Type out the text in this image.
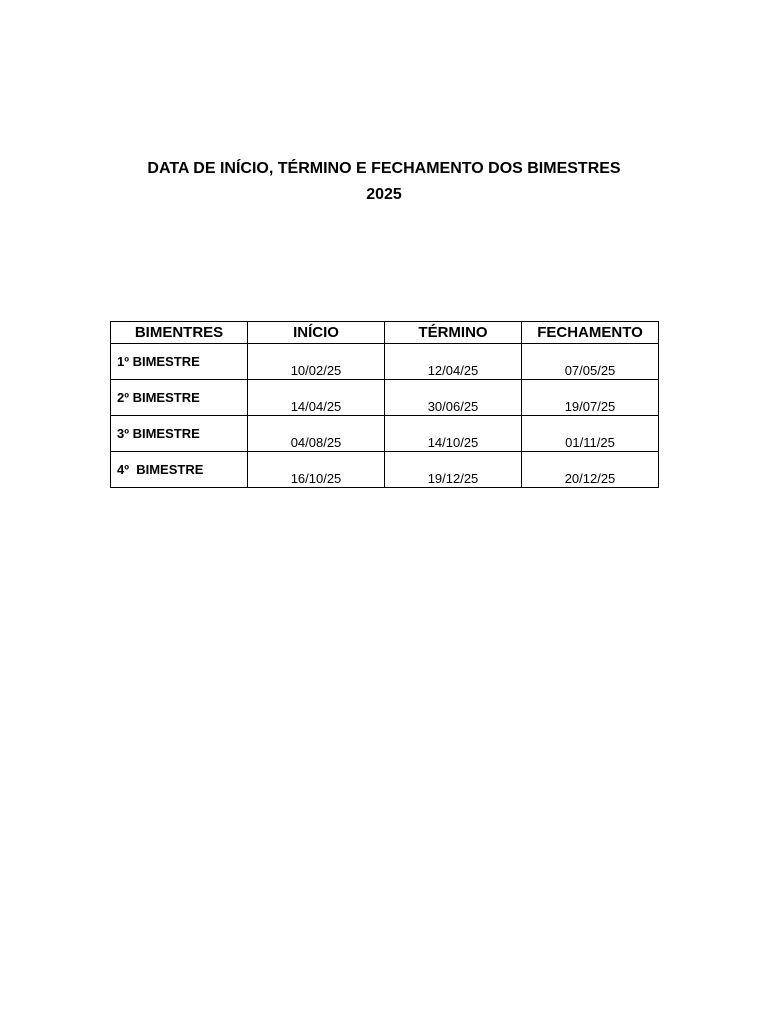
DATA DE INÍCIO, TÉRMINO E FECHAMENTO DOS BIMESTRES
2025
BIMENTRES	INÍCIO	TÉRMINO	FECHAMENTO
1º BIMESTRE	10/02/25	12/04/25	07/05/25
2º BIMESTRE	14/04/25	30/06/25	19/07/25
3º BIMESTRE	04/08/25	14/10/25	01/11/25
4º  BIMESTRE	16/10/25	19/12/25	20/12/25
